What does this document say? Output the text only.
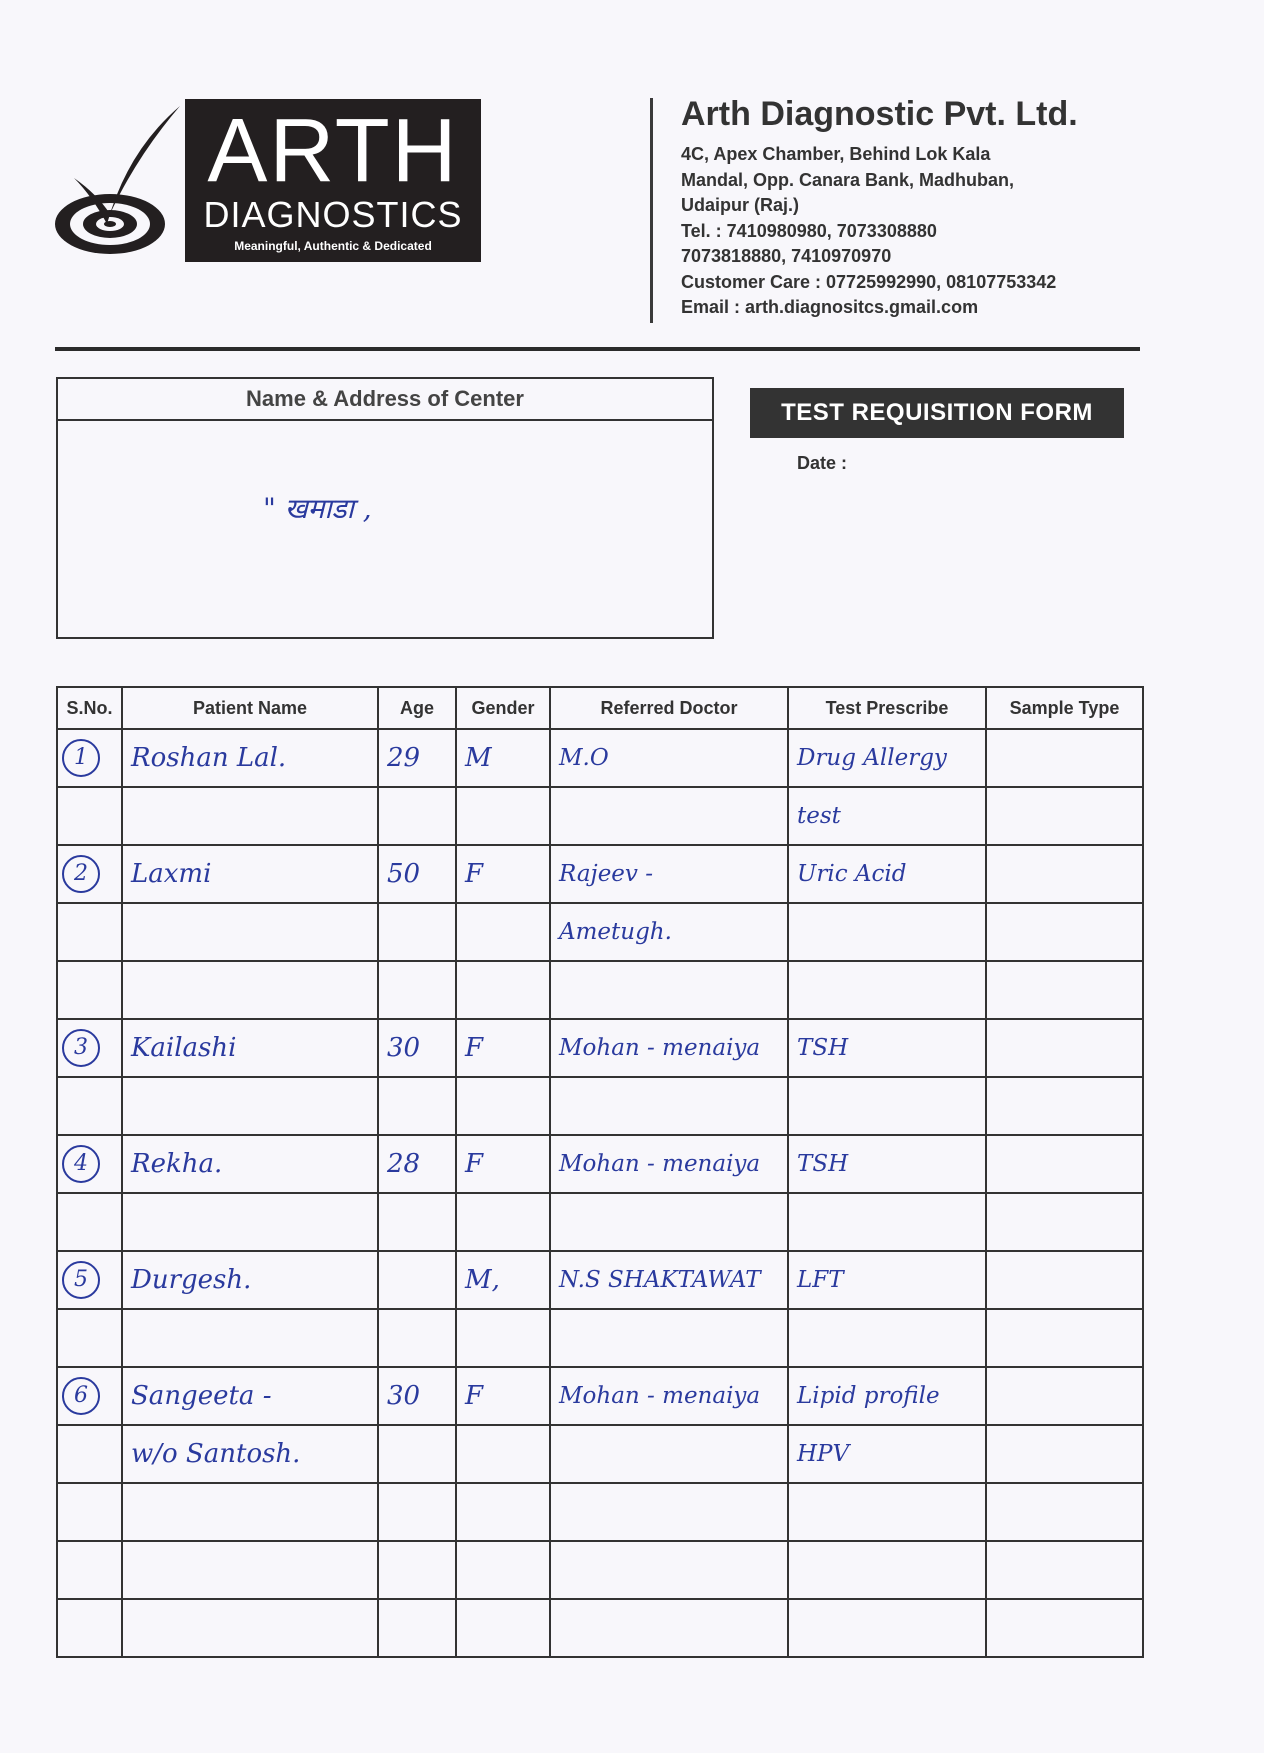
ARTH
DIAGNOSTICS
Meaningful, Authentic & Dedicated
Arth Diagnostic Pvt. Ltd.
4C, Apex Chamber, Behind Lok Kala
Mandal, Opp. Canara Bank, Madhuban,
Udaipur (Raj.)
Tel. : 7410980980, 7073308880
7073818880, 7410970970
Customer Care : 07725992990, 08107753342
Email : arth.diagnositcs.gmail.com
Name & Address of Center
" खमाडा ,
TEST REQUISITION FORM
Date :
S.No.	Patient Name	Age	Gender	Referred Doctor	Test Prescribe	Sample Type
1	Roshan Lal.	29	M	M.O	Drug Allergy	
					test	
2	Laxmi	50	F	Rajeev -	Uric Acid	
				Ametugh.		

3	Kailashi	30	F	Mohan - menaiya	TSH	

4	Rekha.	28	F	Mohan - menaiya	TSH	

5	Durgesh.		M,	N.S SHAKTAWAT	LFT	

6	Sangeeta -	30	F	Mohan - menaiya	Lipid profile	
	w/o Santosh.				HPV	
